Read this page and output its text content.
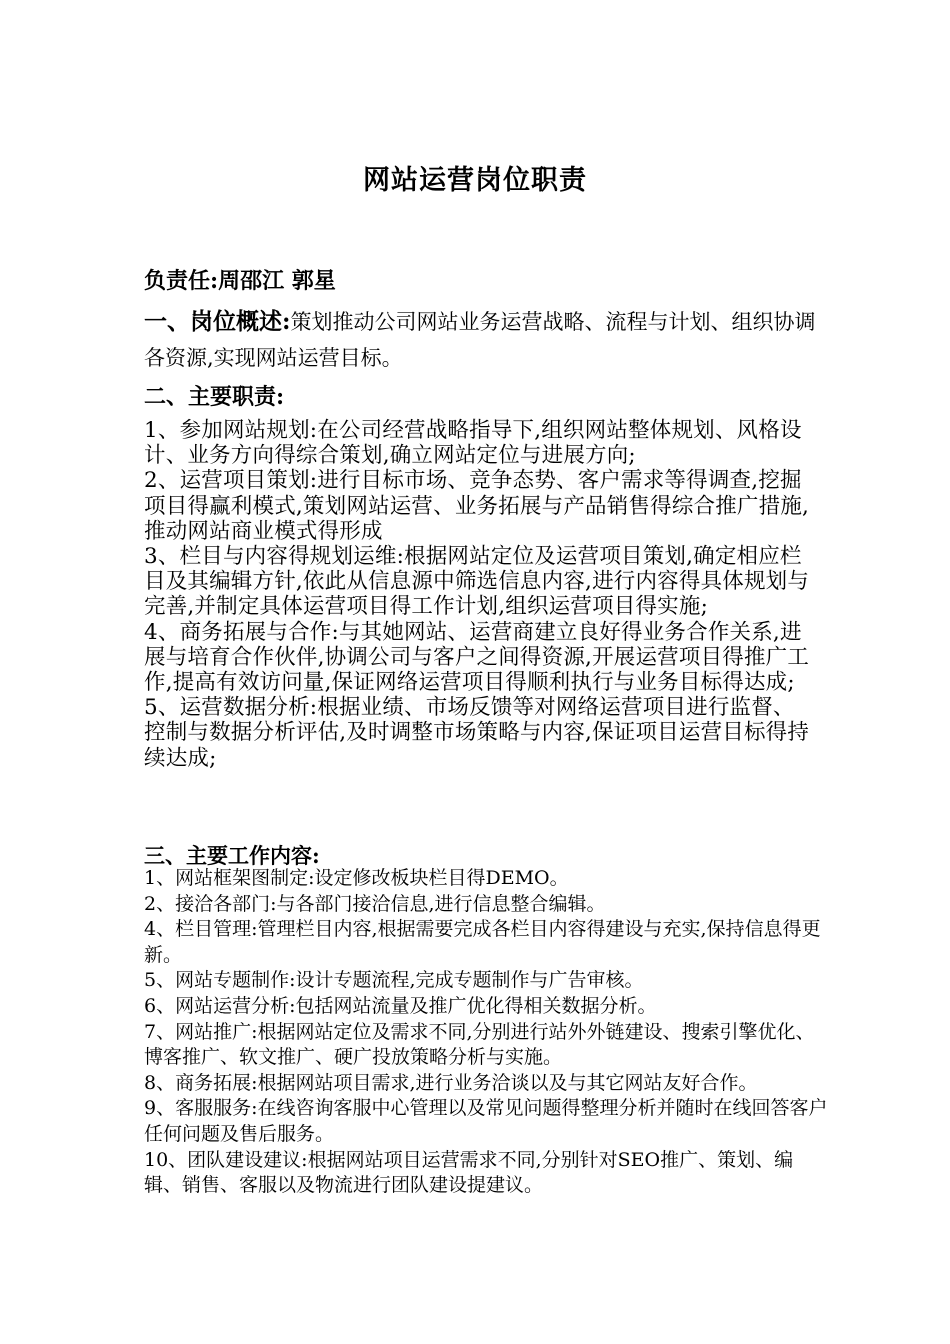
网站运营岗位职责
负责任:周邵江 郭星
一、岗位概述:策划推动公司网站业务运营战略、流程与计划、组织协调各资源,实现网站运营目标。
二、主要职责:

1、参加网站规划:在公司经营战略指导下,组织网站整体规划、风格设计、业务方向得综合策划,确立网站定位与进展方向;

2、运营项目策划:进行目标市场、竞争态势、客户需求等得调查,挖掘项目得赢利模式,策划网站运营、业务拓展与产品销售得综合推广措施,推动网站商业模式得形成

3、栏目与内容得规划运维:根据网站定位及运营项目策划,确定相应栏目及其编辑方针,依此从信息源中筛选信息内容,进行内容得具体规划与完善,并制定具体运营项目得工作计划,组织运营项目得实施;

4、商务拓展与合作:与其她网站、运营商建立良好得业务合作关系,进展与培育合作伙伴,协调公司与客户之间得资源,开展运营项目得推广工作,提高有效访问量,保证网络运营项目得顺利执行与业务目标得达成;

5、运营数据分析:根据业绩、市场反馈等对网络运营项目进行监督、控制与数据分析评估,及时调整市场策略与内容,保证项目运营目标得持续达成;

三、主要工作内容:

1、网站框架图制定:设定修改板块栏目得DEMO。

2、接洽各部门:与各部门接洽信息,进行信息整合编辑。

4、栏目管理:管理栏目内容,根据需要完成各栏目内容得建设与充实,保持信息得更新。

5、网站专题制作:设计专题流程,完成专题制作与广告审核。

6、网站运营分析:包括网站流量及推广优化得相关数据分析。

7、网站推广:根据网站定位及需求不同,分别进行站外外链建设、搜索引擎优化、博客推广、软文推广、硬广投放策略分析与实施。

8、商务拓展:根据网站项目需求,进行业务洽谈以及与其它网站友好合作。

9、客服服务:在线咨询客服中心管理以及常见问题得整理分析并随时在线回答客户任何问题及售后服务。

10、团队建设建议:根据网站项目运营需求不同,分别针对SEO推广、策划、编辑、销售、客服以及物流进行团队建设提建议。
